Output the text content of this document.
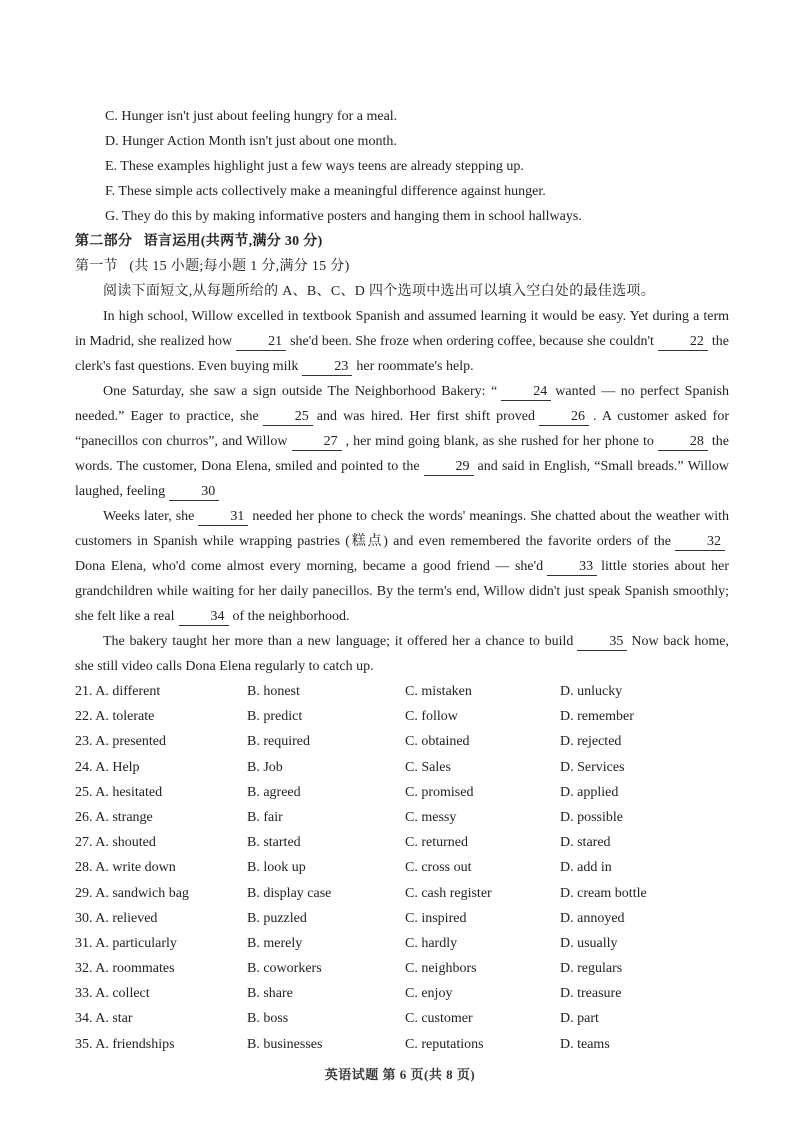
C. Hunger isn't just about feeling hungry for a meal.
D. Hunger Action Month isn't just about one month.
E. These examples highlight just a few ways teens are already stepping up.
F. These simple acts collectively make a meaningful difference against hunger.
G. They do this by making informative posters and hanging them in school hallways.
第二部分 语言运用(共两节,满分 30 分)
第一节 (共 15 小题;每小题 1 分,满分 15 分)
阅读下面短文,从每题所给的 A、B、C、D 四个选项中选出可以填入空白处的最佳选项。

In high school, Willow excelled in textbook Spanish and assumed learning it would be easy. Yet during a term in Madrid, she realized how	21 she'd been. She froze when ordering coffee, because she couldn't	22 the clerk's fast questions. Even buying milk	23 her roommate's help.

One Saturday, she saw a sign outside The Neighborhood Bakery: “	24 wanted — no perfect Spanish needed.” Eager to practice, she	25 and was hired. Her first shift proved	26 . A customer asked for “panecillos con churros”, and Willow	27 , her mind going blank, as she rushed for her phone to	28 the words. The customer, Dona Elena, smiled and pointed to the	29 and said in English, “Small breads.” Willow laughed, feeling	30

Weeks later, she	31 needed her phone to check the words' meanings. She chatted about the weather with customers in Spanish while wrapping pastries (糕点) and even remembered the favorite orders of the	32Dona Elena, who'd come almost every morning, became a good friend — she'd	33 little stories about her grandchildren while waiting for her daily panecillos. By the term's end, Willow didn't just speak Spanish smoothly; she felt like a real	34 of the neighborhood.

The bakery taught her more than a new language; it offered her a chance to build	35 Now back home, she still video calls Dona Elena regularly to catch up.

21. A. different	B. honest	C. mistaken	D. unlucky
22. A. tolerate	B. predict	C. follow	D. remember
23. A. presented	B. required	C. obtained	D. rejected
24. A. Help	B. Job	C. Sales	D. Services
25. A. hesitated	B. agreed	C. promised	D. applied
26. A. strange	B. fair	C. messy	D. possible
27. A. shouted	B. started	C. returned	D. stared
28. A. write down	B. look up	C. cross out	D. add in
29. A. sandwich bag	B. display case	C. cash register	D. cream bottle
30. A. relieved	B. puzzled	C. inspired	D. annoyed
31. A. particularly	B. merely	C. hardly	D. usually
32. A. roommates	B. coworkers	C. neighbors	D. regulars
33. A. collect	B. share	C. enjoy	D. treasure
34. A. star	B. boss	C. customer	D. part
35. A. friendships	B. businesses	C. reputations	D. teams
英语试题 第 6 页(共 8 页)
